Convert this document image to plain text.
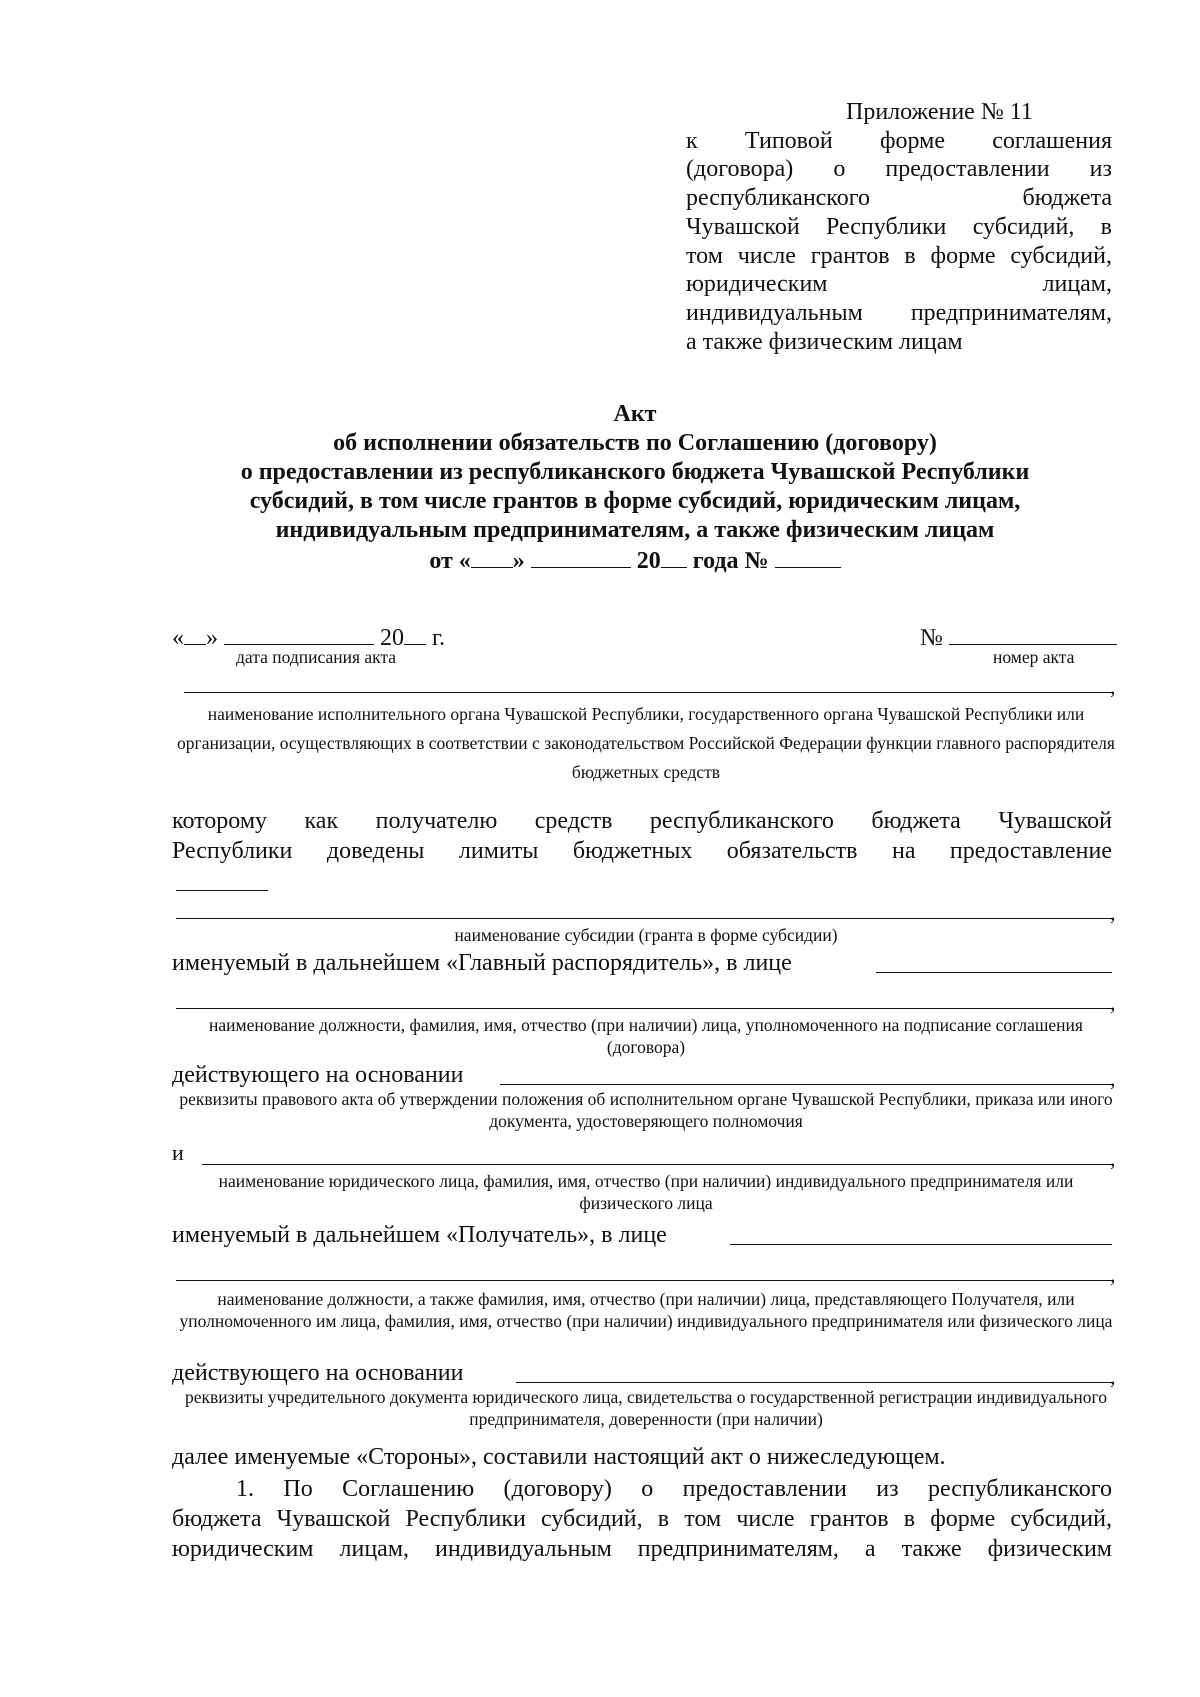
Приложение № 11
к Типовой форме соглашения
(договора) о предоставлении из
республиканского бюджета
Чувашской Республики субсидий, в
том числе грантов в форме субсидий,
юридическим лицам,
индивидуальным предпринимателям,
а также физическим лицам
Акт
об исполнении обязательств по Соглашению (договору)
о предоставлении из республиканского бюджета Чувашской Республики
субсидий, в том числе грантов в форме субсидий, юридическим лицам,
индивидуальным предпринимателям, а также физическим лицам
от « »	20 года №
« »	20 г.
дата подписания акта
№
номер акта
,
наименование исполнительного органа Чувашской Республики, государственного органа Чувашской Республики или организации, осуществляющих в соответствии с законодательством Российской Федерации функции главного распорядителя бюджетных средств
которому как получателю средств республиканского бюджета Чувашской
Республики доведены лимиты бюджетных обязательств на предоставление
,
наименование субсидии (гранта в форме субсидии)
именуемый в дальнейшем «Главный распорядитель», в лице
,
наименование должности, фамилия, имя, отчество (при наличии) лица, уполномоченного на подписание соглашения (договора)
действующего на основании	,
реквизиты правового акта об утверждении положения об исполнительном органе Чувашской Республики, приказа или иного документа, удостоверяющего полномочия
и	,
наименование юридического лица, фамилия, имя, отчество (при наличии) индивидуального предпринимателя или физического лица
именуемый в дальнейшем «Получатель», в лице
,
наименование должности, а также фамилия, имя, отчество (при наличии) лица, представляющего Получателя, или уполномоченного им лица, фамилия, имя, отчество (при наличии) индивидуального предпринимателя или физического лица
действующего на основании	,
реквизиты учредительного документа юридического лица, свидетельства о государственной регистрации индивидуального предпринимателя, доверенности (при наличии)
далее именуемые «Стороны», составили настоящий акт о нижеследующем.
1. По Соглашению (договору) о предоставлении из республиканского
бюджета Чувашской Республики субсидий, в том числе грантов в форме субсидий,
юридическим лицам, индивидуальным предпринимателям, а также физическим
